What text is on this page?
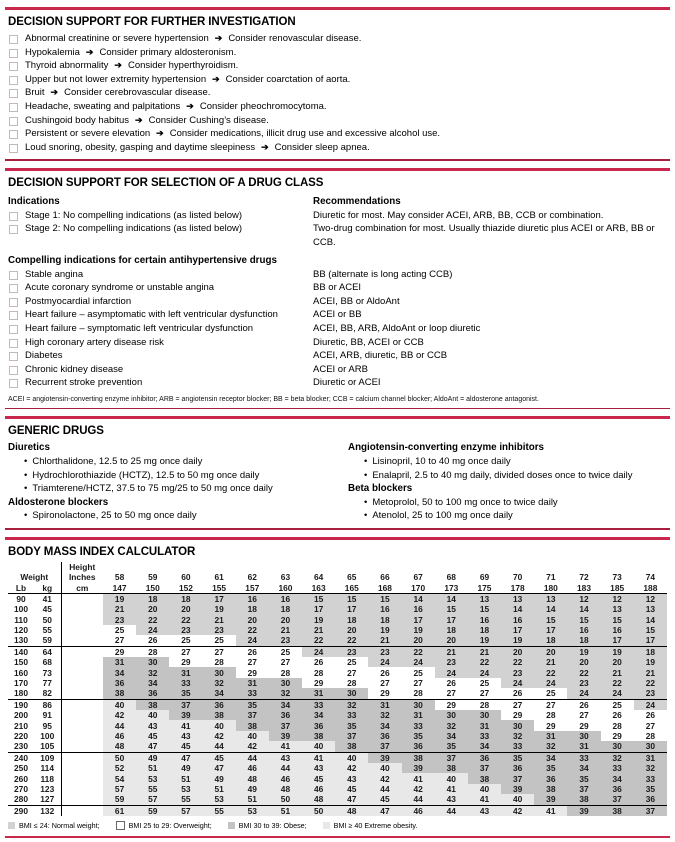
DECISION SUPPORT FOR FURTHER INVESTIGATION
Abnormal creatinine or severe hypertension ➔ Consider renovascular disease.
Hypokalemia ➔ Consider primary aldosteronism.
Thyroid abnormality ➔ Consider hyperthyroidism.
Upper but not lower extremity hypertension ➔ Consider coarctation of aorta.
Bruit ➔ Consider cerebrovascular disease.
Headache, sweating and palpitations ➔ Consider pheochromocytoma.
Cushingoid body habitus ➔ Consider Cushing’s disease.
Persistent or severe elevation ➔ Consider medications, illicit drug use and excessive alcohol use.
Loud snoring, obesity, gasping and daytime sleepiness ➔ Consider sleep apnea.
DECISION SUPPORT FOR SELECTION OF A DRUG CLASS
Indications	Recommendations
Stage 1: No compelling indications (as listed below)	Diuretic for most. May consider ACEI, ARB, BB, CCB or combination.
Stage 2: No compelling indications (as listed below)	Two-drug combination for most. Usually thiazide diuretic plus ACEI or ARB, BB or CCB.
Compelling indications for certain antihypertensive drugs
Stable angina	BB (alternate is long acting CCB)
Acute coronary syndrome or unstable angina	BB or ACEI
Postmyocardial infarction	ACEI, BB or AldoAnt
Heart failure – asymptomatic with left ventricular dysfunction	ACEI or BB
Heart failure – symptomatic left ventricular dysfunction	ACEI, BB, ARB, AldoAnt or loop diuretic
High coronary artery disease risk	Diuretic, BB, ACEI or CCB
Diabetes	ACEI, ARB, diuretic, BB or CCB
Chronic kidney disease	ACEI or ARB
Recurrent stroke prevention	Diuretic or ACEI
ACEI = angiotensin-converting enzyme inhibitor; ARB = angiotensin receptor blocker; BB = beta blocker; CCB = calcium channel blocker; AldoAnt = aldosterone antagonist.
GENERIC DRUGS
Diuretics
• Chlorthalidone, 12.5 to 25 mg once daily
• Hydrochlorothiazide (HCTZ), 12.5 to 50 mg once daily
• Triamterene/HCTZ, 37.5 to 75 mg/25 to 50 mg once daily
Aldosterone blockers
• Spironolactone, 25 to 50 mg once daily
Angiotensin-converting enzyme inhibitors
• Lisinopril, 10 to 40 mg once daily
• Enalapril, 2.5 to 40 mg daily, divided doses once to twice daily
Beta blockers
• Metoprolol, 50 to 100 mg once to twice daily
• Atenolol, 25 to 100 mg once daily
BODY MASS INDEX CALCULATOR
		Height																	
Weight		Inches	58	59	60	61	62	63	64	65	66	67	68	69	70	71	72	73	74
Lb	kg	cm	147	150	152	155	157	160	163	165	168	170	173	175	178	180	183	185	188
90	41		19	18	18	17	16	16	15	15	15	14	14	13	13	13	12	12	12
100	45		21	20	20	19	18	18	17	17	16	16	15	15	14	14	14	13	13
110	50		23	22	22	21	20	20	19	18	18	17	17	16	16	15	15	15	14
120	55		25	24	23	23	22	21	21	20	19	19	18	18	17	17	16	16	15
130	59		27	26	25	25	24	23	22	22	21	20	20	19	19	18	18	17	17
140	64		29	28	27	27	26	25	24	23	23	22	21	21	20	20	19	19	18
150	68		31	30	29	28	27	27	26	25	24	24	23	22	22	21	20	20	19
160	73		34	32	31	30	29	28	28	27	26	25	24	24	23	22	22	21	21
170	77		36	34	33	32	31	30	29	28	27	27	26	25	24	24	23	22	22
180	82		38	36	35	34	33	32	31	30	29	28	27	27	26	25	24	24	23
190	86		40	38	37	36	35	34	33	32	31	30	29	28	27	27	26	25	24
200	91		42	40	39	38	37	36	34	33	32	31	30	30	29	28	27	26	26
210	95		44	43	41	40	38	37	36	35	34	33	32	31	30	29	29	28	27
220	100		46	45	43	42	40	39	38	37	36	35	34	33	32	31	30	29	28
230	105		48	47	45	44	42	41	40	38	37	36	35	34	33	32	31	30	30
240	109		50	49	47	45	44	43	41	40	39	38	37	36	35	34	33	32	31
250	114		52	51	49	47	46	44	43	42	40	39	38	37	36	35	34	33	32
260	118		54	53	51	49	48	46	45	43	42	41	40	38	37	36	35	34	33
270	123		57	55	53	51	49	48	46	45	44	42	41	40	39	38	37	36	35
280	127		59	57	55	53	51	50	48	47	45	44	43	41	40	39	38	37	36
290	132		61	59	57	55	53	51	50	48	47	46	44	43	42	41	39	38	37
BMI ≤ 24: Normal weight;	BMI 25 to 29: Overweight;	BMI 30 to 39: Obese;	BMI ≥ 40 Extreme obesity.
